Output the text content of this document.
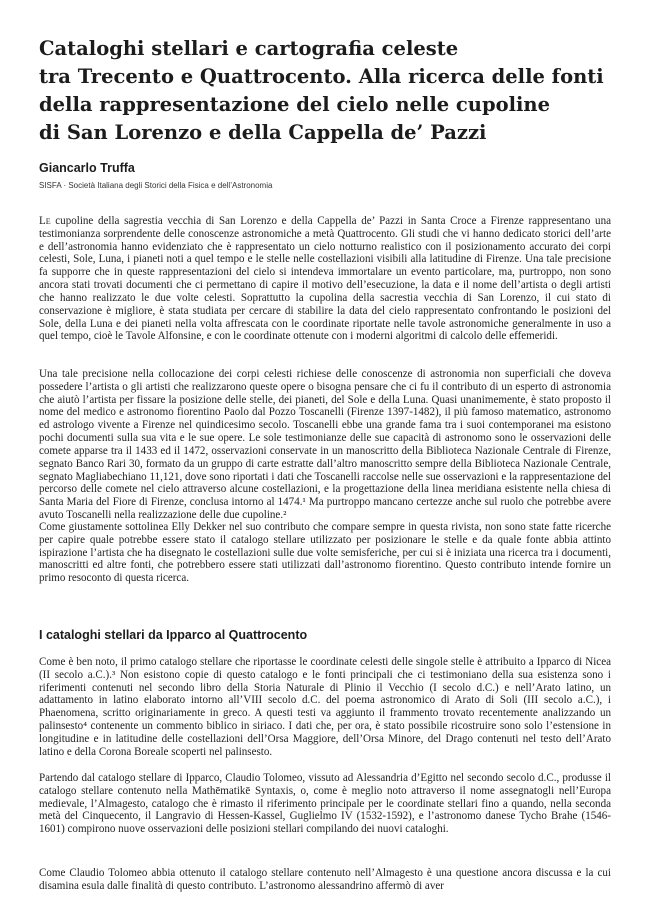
Cataloghi stellari e cartografia celeste
tra Trecento e Quattrocento. Alla ricerca delle fonti
della rappresentazione del cielo nelle cupoline
di San Lorenzo e della Cappella de’ Pazzi
Giancarlo Truffa
SISFA · Società Italiana degli Storici della Fisica e dell’Astronomia

Le cupoline della sagrestia vecchia di San Lorenzo e della Cappella de’ Pazzi in Santa Croce a Firenze rappresentano una testimonianza sorprendente delle conoscenze astronomiche a metà Quattrocento. Gli studi che vi hanno dedicato storici dell’arte e dell’astronomia hanno evidenziato che è rappresentato un cielo notturno realistico con il posizionamento accurato dei corpi celesti, Sole, Luna, i pianeti noti a quel tempo e le stelle nelle costellazioni visibili alla latitudine di Firenze. Una tale precisione fa supporre che in queste rappresentazioni del cielo si intendeva immortalare un evento particolare, ma, purtroppo, non sono ancora stati trovati documenti che ci permettano di capire il motivo dell’esecuzione, la data e il nome dell’artista o degli artisti che hanno realizzato le due volte celesti. Soprattutto la cupolina della sacrestia vecchia di San Lorenzo, il cui stato di conservazione è migliore, è stata studiata per cercare di stabilire la data del cielo rappresentato confrontando le posizioni del Sole, della Luna e dei pianeti nella volta affrescata con le coordinate riportate nelle tavole astronomiche generalmente in uso a quel tempo, cioè le Tavole Alfonsine, e con le coordinate ottenute con i moderni algoritmi di calcolo delle effemeridi.

Una tale precisione nella collocazione dei corpi celesti richiese delle conoscenze di astronomia non superficiali che doveva possedere l’artista o gli artisti che realizzarono queste opere o bisogna pensare che ci fu il contributo di un esperto di astronomia che aiutò l’artista per fissare la posizione delle stelle, dei pianeti, del Sole e della Luna. Quasi unanimemente, è stato proposto il nome del medico e astronomo fiorentino Paolo dal Pozzo Toscanelli (Firenze 1397-1482), il più famoso matematico, astronomo ed astrologo vivente a Firenze nel quindicesimo secolo. Toscanelli ebbe una grande fama tra i suoi contemporanei ma esistono pochi documenti sulla sua vita e le sue opere. Le sole testimonianze delle sue capacità di astronomo sono le osservazioni delle comete apparse tra il 1433 ed il 1472, osservazioni conservate in un manoscritto della Biblioteca Nazionale Centrale di Firenze, segnato Banco Rari 30, formato da un gruppo di carte estratte dall’altro manoscritto sempre della Biblioteca Nazionale Centrale, segnato Magliabechiano 11,121, dove sono riportati i dati che Toscanelli raccolse nelle sue osservazioni e la rappresentazione del percorso delle comete nel cielo attraverso alcune costellazioni, e la progettazione della linea meridiana esistente nella chiesa di Santa Maria del Fiore di Firenze, conclusa intorno al 1474.¹ Ma purtroppo mancano certezze anche sul ruolo che potrebbe avere avuto Toscanelli nella realizzazione delle due cupoline.²

Come giustamente sottolinea Elly Dekker nel suo contributo che compare sempre in questa rivista, non sono state fatte ricerche per capire quale potrebbe essere stato il catalogo stellare utilizzato per posizionare le stelle e da quale fonte abbia attinto ispirazione l’artista che ha disegnato le costellazioni sulle due volte semisferiche, per cui si è iniziata una ricerca tra i documenti, manoscritti ed altre fonti, che potrebbero essere stati utilizzati dall’astronomo fiorentino. Questo contributo intende fornire un primo resoconto di questa ricerca.

I cataloghi stellari da Ipparco al Quattrocento

Come è ben noto, il primo catalogo stellare che riportasse le coordinate celesti delle singole stelle è attribuito a Ipparco di Nicea (II secolo a.C.).³ Non esistono copie di questo catalogo e le fonti principali che ci testimoniano della sua esistenza sono i riferimenti contenuti nel secondo libro della Storia Naturale di Plinio il Vecchio (I secolo d.C.) e nell’Arato latino, un adattamento in latino elaborato intorno all’VIII secolo d.C. del poema astronomico di Arato di Soli (III secolo a.C.), i Phaenomena, scritto originariamente in greco. A questi testi va aggiunto il frammento trovato recentemente analizzando un palinsesto⁴ contenente un commento biblico in siriaco. I dati che, per ora, è stato possibile ricostruire sono solo l’estensione in longitudine e in latitudine delle costellazioni dell’Orsa Maggiore, dell’Orsa Minore, del Drago contenuti nel testo dell’Arato latino e della Corona Boreale scoperti nel palinsesto.

Partendo dal catalogo stellare di Ipparco, Claudio Tolomeo, vissuto ad Alessandria d’Egitto nel secondo secolo d.C., produsse il catalogo stellare contenuto nella Mathēmatikē Syntaxis, o, come è meglio noto attraverso il nome assegnatogli nell’Europa medievale, l’Almagesto, catalogo che è rimasto il riferimento principale per le coordinate stellari fino a quando, nella seconda metà del Cinquecento, il Langravio di Hessen-Kassel, Guglielmo IV (1532-1592), e l’astronomo danese Tycho Brahe (1546-1601) compirono nuove osservazioni delle posizioni stellari compilando dei nuovi cataloghi.

Come Claudio Tolomeo abbia ottenuto il catalogo stellare contenuto nell’Almagesto è una questione ancora discussa e la cui disamina esula dalle finalità di questo contributo. L’astronomo alessandrino affermò di aver
